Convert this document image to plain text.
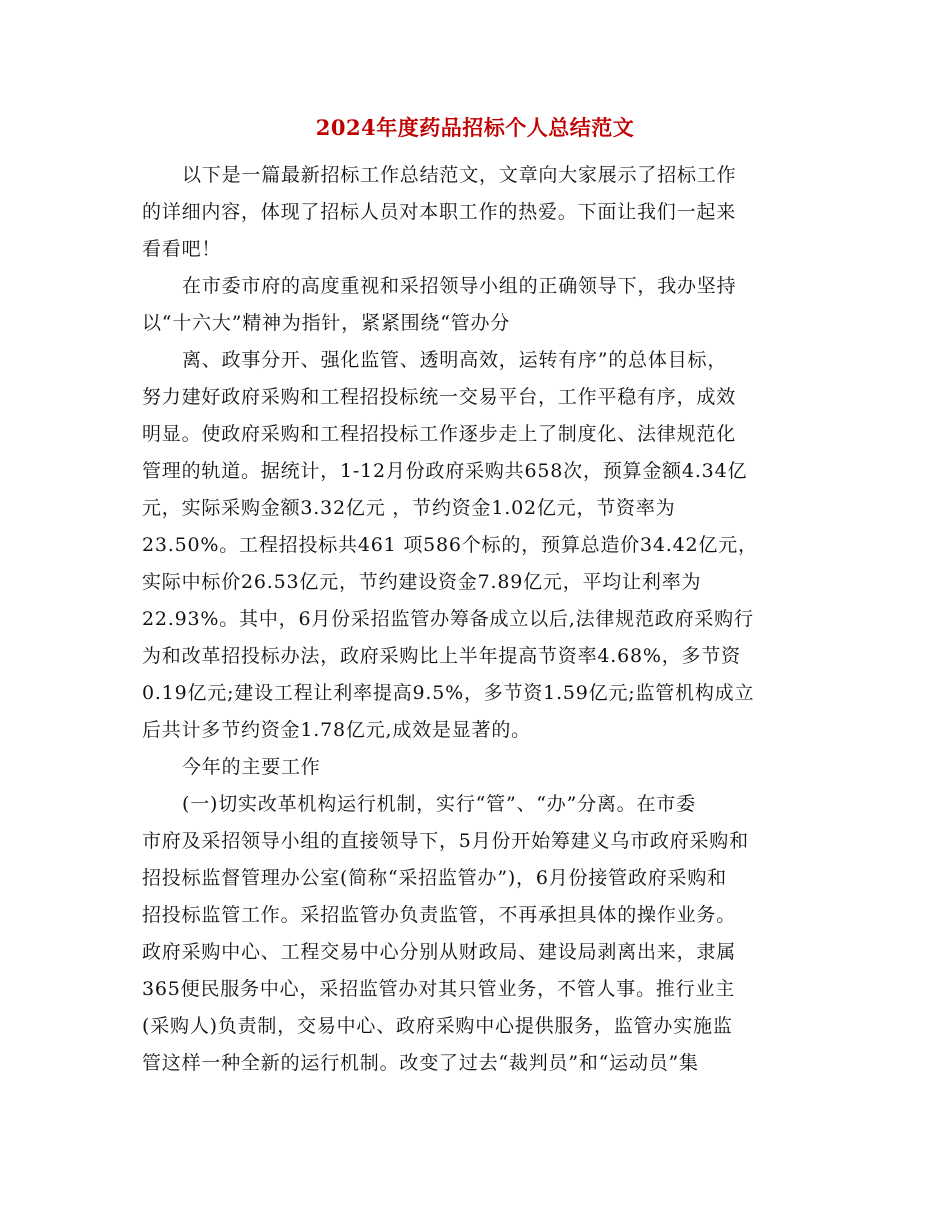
2024年度药品招标个人总结范文
以下是一篇最新招标工作总结范文，文章向大家展示了招标工作
的详细内容，体现了招标人员对本职工作的热爱。下面让我们一起来
看看吧！
在市委市府的高度重视和采招领导小组的正确领导下，我办坚持
以“十六大”精神为指针，紧紧围绕“管办分
离、政事分开、强化监管、透明高效，运转有序”的总体目标，
努力建好政府采购和工程招投标统一交易平台，工作平稳有序，成效
明显。使政府采购和工程招投标工作逐步走上了制度化、法律规范化
管理的轨道。据统计，1-12月份政府采购共658次，预算金额4.34亿
元，实际采购金额3.32亿元 ，节约资金1.02亿元，节资率为
23.50%。工程招投标共461 项586个标的，预算总造价34.42亿元，
实际中标价26.53亿元，节约建设资金7.89亿元，平均让利率为
22.93%。其中，6月份采招监管办筹备成立以后,法律规范政府采购行
为和改革招投标办法，政府采购比上半年提高节资率4.68%，多节资
0.19亿元;建设工程让利率提高9.5%，多节资1.59亿元;监管机构成立
后共计多节约资金1.78亿元,成效是显著的。
今年的主要工作
(一)切实改革机构运行机制，实行“管”、“办”分离。在市委
市府及采招领导小组的直接领导下，5月份开始筹建义乌市政府采购和
招投标监督管理办公室(简称“采招监管办”)，6月份接管政府采购和
招投标监管工作。采招监管办负责监管，不再承担具体的操作业务。
政府采购中心、工程交易中心分别从财政局、建设局剥离出来，隶属
365便民服务中心，采招监管办对其只管业务，不管人事。推行业主
(采购人)负责制，交易中心、政府采购中心提供服务，监管办实施监
管这样一种全新的运行机制。改变了过去“裁判员”和“运动员”集
